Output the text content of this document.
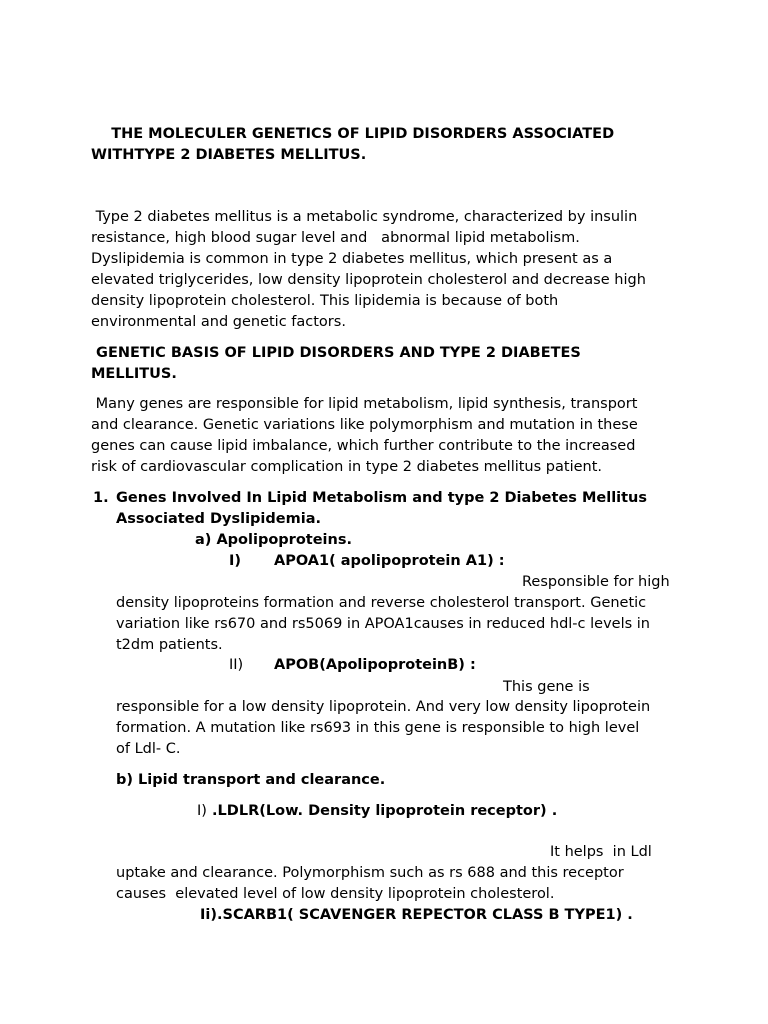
THE MOLECULER GENETICS OF LIPID DISORDERS ASSOCIATED
WITHTYPE 2 DIABETES MELLITUS.
Type 2 diabetes mellitus is a metabolic syndrome, characterized by insulin
resistance, high blood sugar level and   abnormal lipid metabolism.
Dyslipidemia is common in type 2 diabetes mellitus, which present as a
elevated triglycerides, low density lipoprotein cholesterol and decrease high
density lipoprotein cholesterol. This lipidemia is because of both
environmental and genetic factors.
GENETIC BASIS OF LIPID DISORDERS AND TYPE 2 DIABETES
MELLITUS.
Many genes are responsible for lipid metabolism, lipid synthesis, transport
and clearance. Genetic variations like polymorphism and mutation in these
genes can cause lipid imbalance, which further contribute to the increased
risk of cardiovascular complication in type 2 diabetes mellitus patient.
1. Genes Involved In Lipid Metabolism and type 2 Diabetes Mellitus
Associated Dyslipidemia.
a) Apolipoproteins.
I) APOA1( apolipoprotein A1) :
Responsible for high
density lipoproteins formation and reverse cholesterol transport. Genetic
variation like rs670 and rs5069 in APOA1causes in reduced hdl-c levels in
t2dm patients.
II) APOB(ApolipoproteinB) :
This gene is
responsible for a low density lipoprotein. And very low density lipoprotein
formation. A mutation like rs693 in this gene is responsible to high level
of Ldl- C.
b) Lipid transport and clearance.
I) .LDLR(Low. Density lipoprotein receptor) .
It helps  in Ldl
uptake and clearance. Polymorphism such as rs 688 and this receptor
causes  elevated level of low density lipoprotein cholesterol.
Ii).SCARB1( SCAVENGER REPECTOR CLASS B TYPE1) .
